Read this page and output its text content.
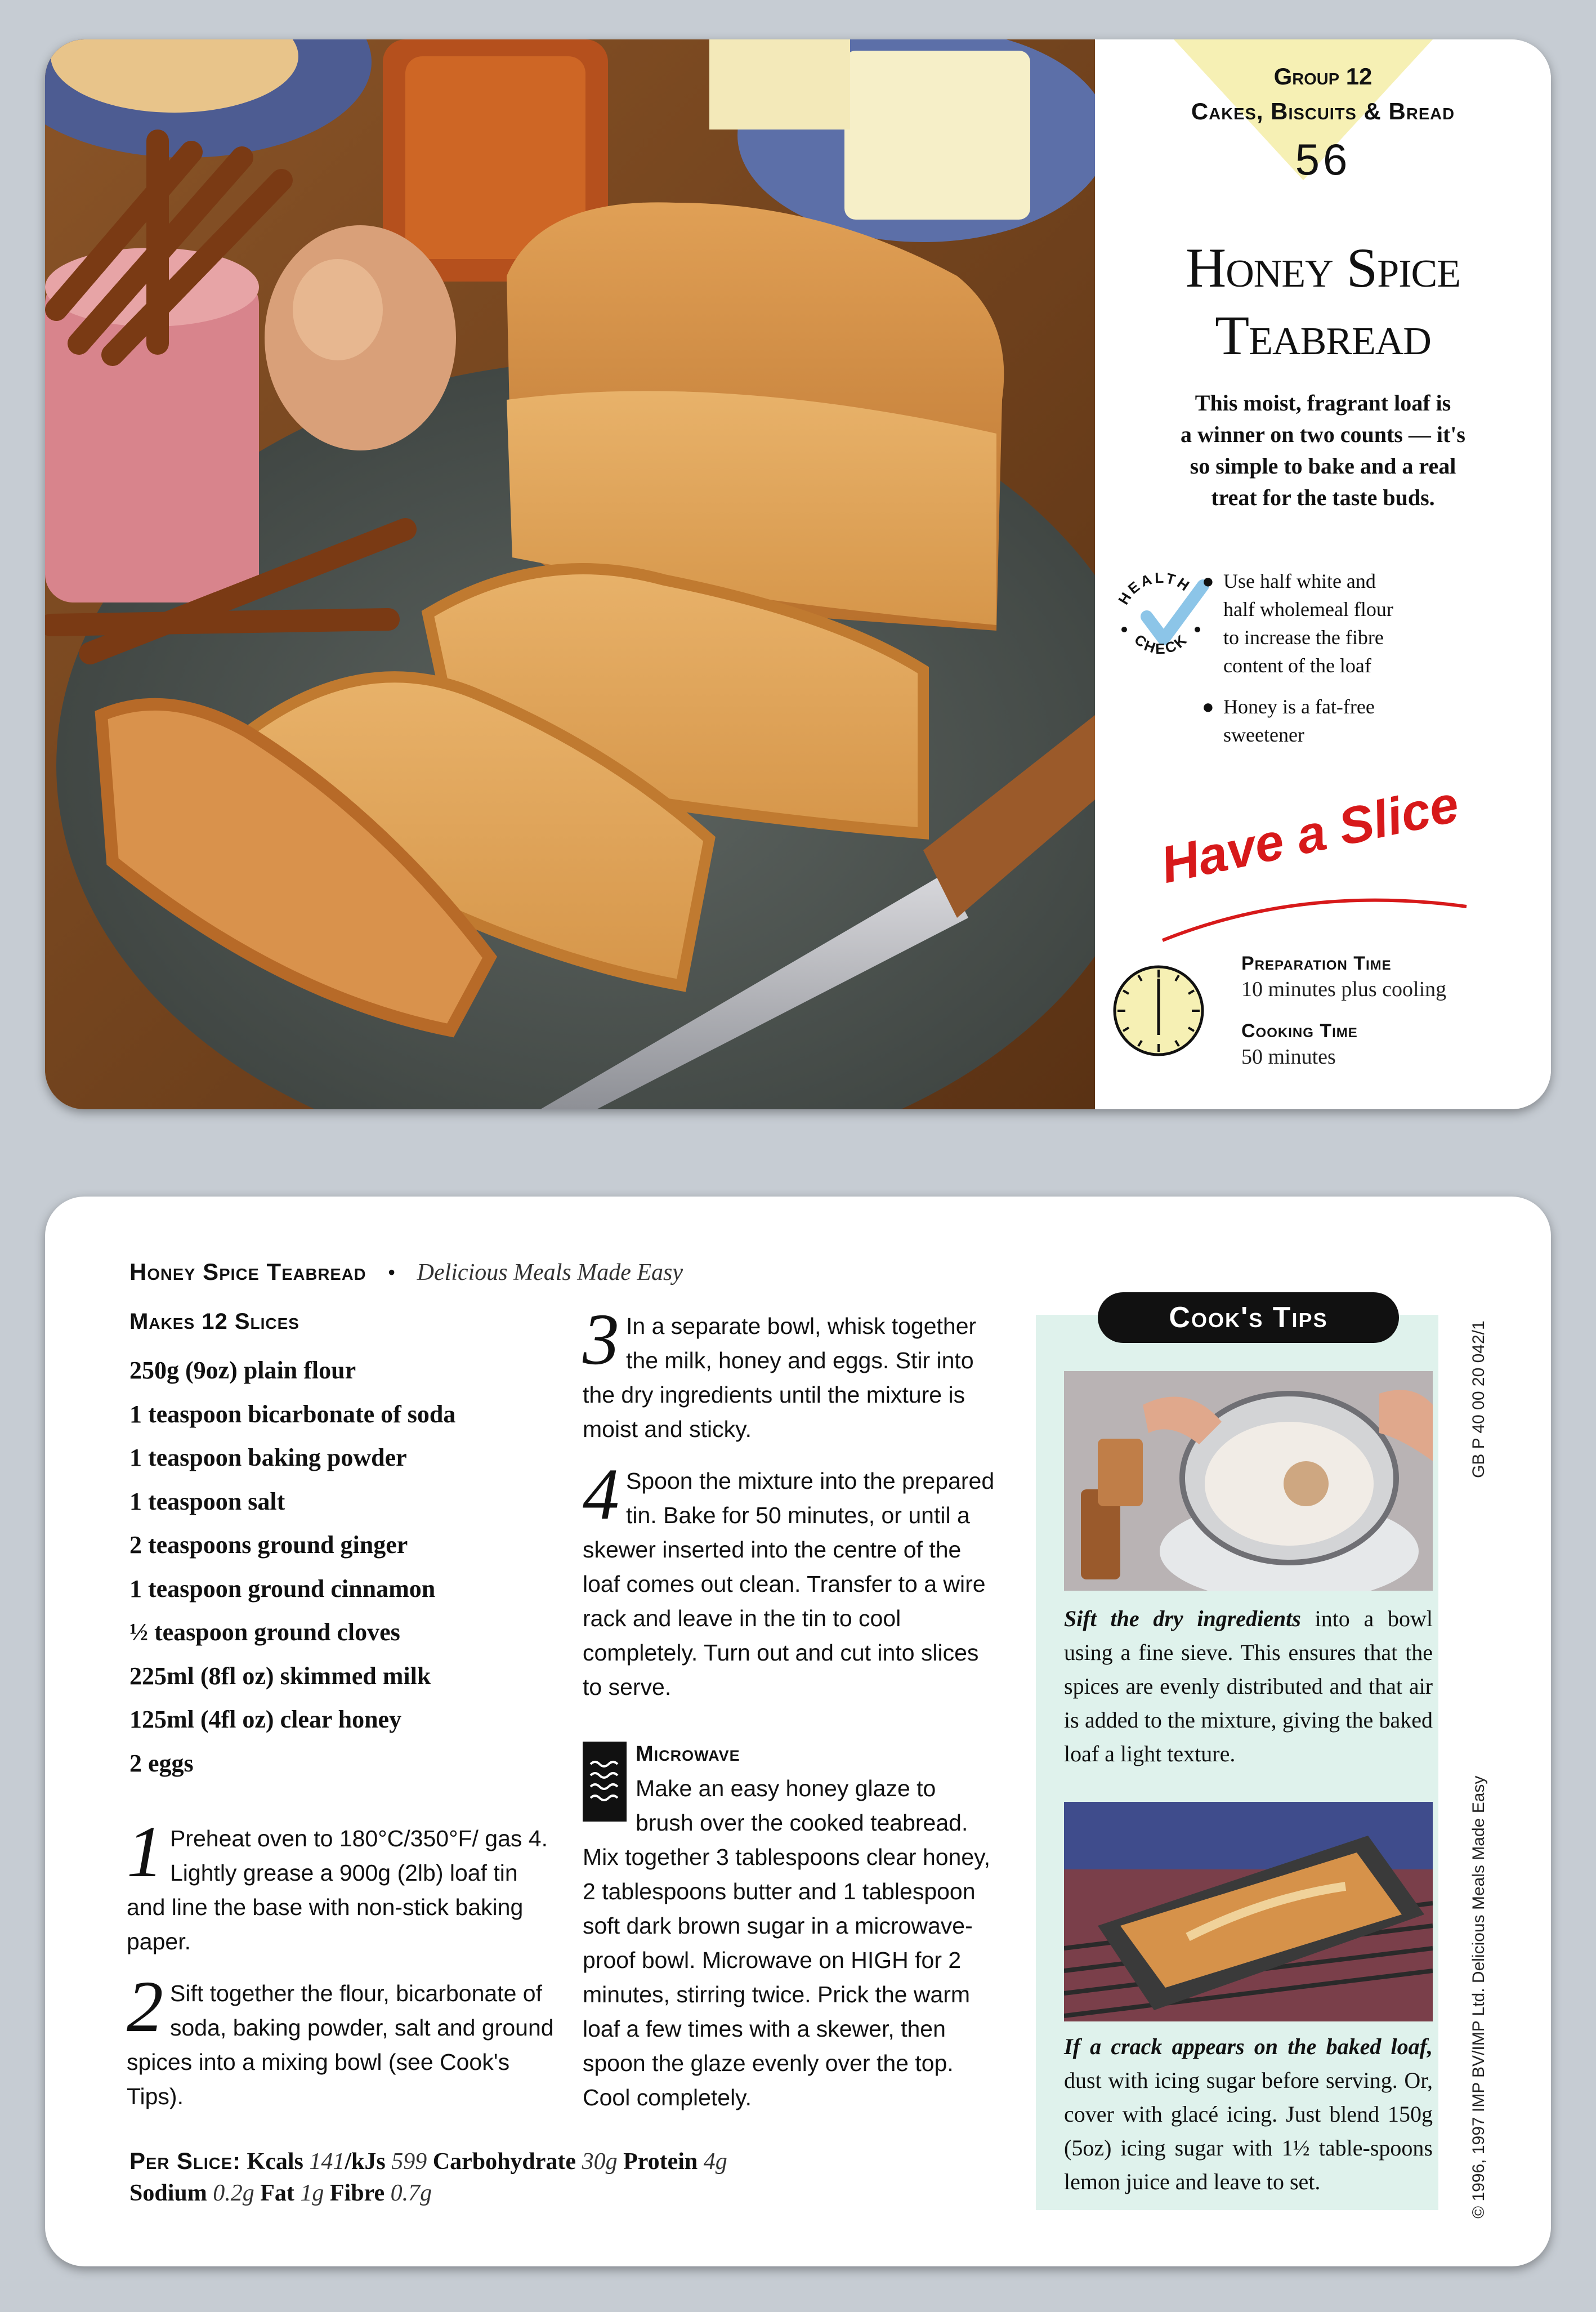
Group 12
Cakes, Biscuits & Bread
56
Honey Spice
Teabread
This moist, fragrant loaf is
a winner on two counts — it's
so simple to bake and a real
treat for the taste buds.
HEALTH
CHECK
● Use half white and
half wholemeal flour
to increase the fibre
content of the loaf
● Honey is a fat-free
sweetener
Have a Slice
Preparation Time
10 minutes plus cooling
Cooking Time
50 minutes
Honey Spice Teabread • Delicious Meals Made Easy
Makes 12 Slices
250g (9oz) plain flour
1 teaspoon bicarbonate of soda
1 teaspoon baking powder
1 teaspoon salt
2 teaspoons ground ginger
1 teaspoon ground cinnamon
½ teaspoon ground cloves
225ml (8fl oz) skimmed milk
125ml (4fl oz) clear honey
2 eggs
1 Preheat oven to 180°C/350°F/ gas 4. Lightly grease a 900g (2lb) loaf tin and line the base with non-stick baking paper.
2 Sift together the flour, bicarbonate of soda, baking powder, salt and ground spices into a mixing bowl (see Cook's Tips).
3 In a separate bowl, whisk together the milk, honey and eggs. Stir into the dry ingredients until the mixture is moist and sticky.
4 Spoon the mixture into the prepared tin. Bake for 50 minutes, or until a skewer inserted into the centre of the loaf comes out clean. Transfer to a wire rack and leave in the tin to cool completely. Turn out and cut into slices to serve.
Microwave
Make an easy honey glaze to brush over the cooked teabread. Mix together 3 tablespoons clear honey, 2 tablespoons butter and 1 tablespoon soft dark brown sugar in a microwave-proof bowl. Microwave on HIGH for 2 minutes, stirring twice. Prick the warm loaf a few times with a skewer, then spoon the glaze evenly over the top. Cool completely.
Per Slice: Kcals 141/kJs 599 Carbohydrate 30g Protein 4g
Sodium 0.2g Fat 1g Fibre 0.7g
Cook's Tips
Sift the dry ingredients into a bowl using a fine sieve. This ensures that the spices are evenly distributed and that air is added to the mixture, giving the baked loaf a light texture.
If a crack appears on the baked loaf, dust with icing sugar before serving. Or, cover with glacé icing. Just blend 150g (5oz) icing sugar with 1½ table-spoons lemon juice and leave to set.
GB P 40 00 20 042/1
© 1996, 1997 IMP BV/IMP Ltd. Delicious Meals Made Easy
